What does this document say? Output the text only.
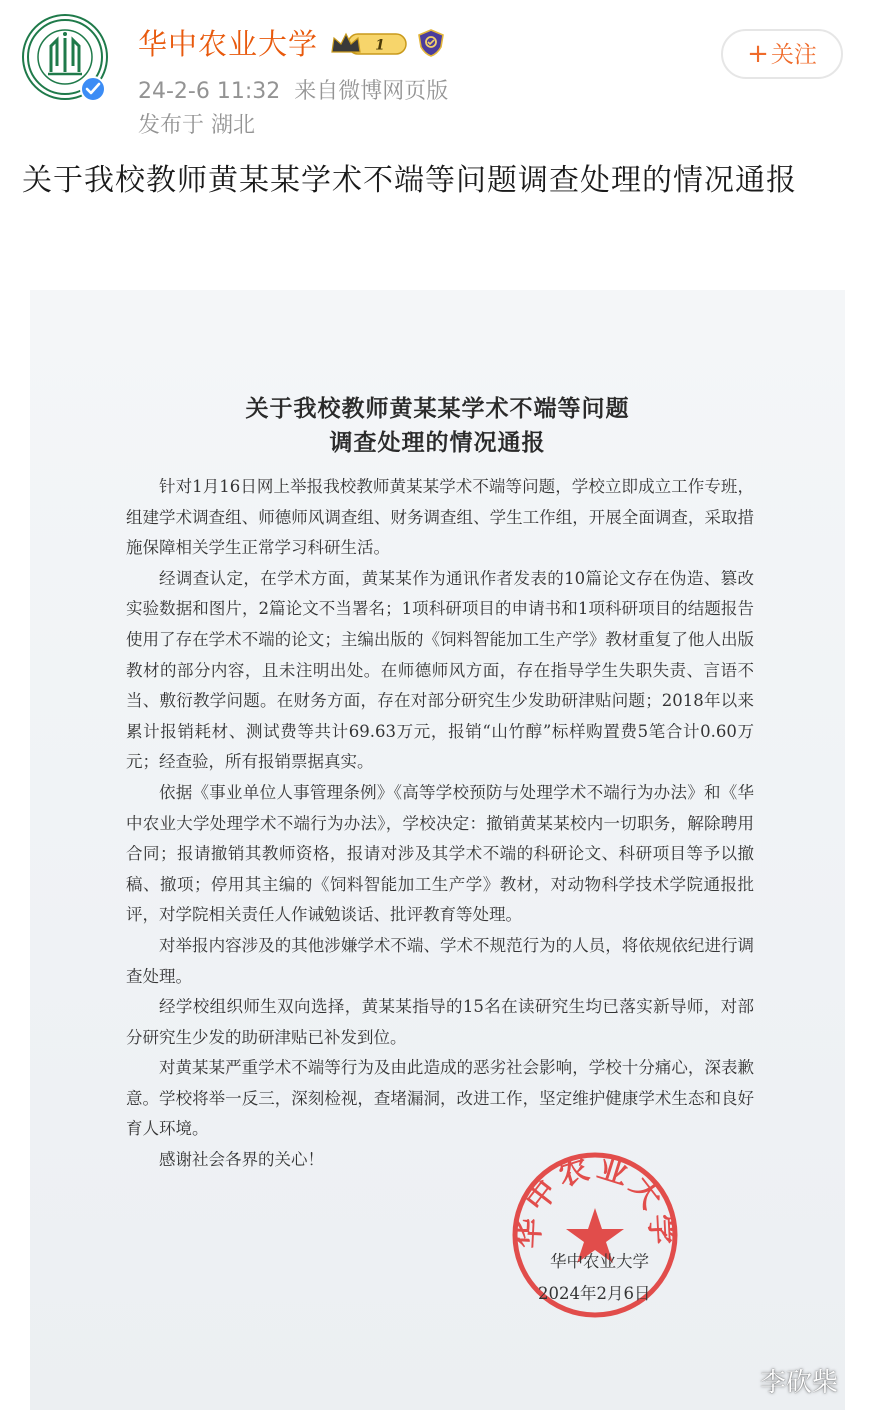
华中农业大学	1
24-2-6 11:32 来自微博网页版
发布于 湖北
+关注
关于我校教师黄某某学术不端等问题调查处理的情况通报
关于我校教师黄某某学术不端等问题
调查处理的情况通报

针对1月16日网上举报我校教师黄某某学术不端等问题，学校立即成立工作专班，组建学术调查组、师德师风调查组、财务调查组、学生工作组，开展全面调查，采取措施保障相关学生正常学习科研生活。

经调查认定，在学术方面，黄某某作为通讯作者发表的10篇论文存在伪造、篡改实验数据和图片，2篇论文不当署名；1项科研项目的申请书和1项科研项目的结题报告使用了存在学术不端的论文；主编出版的《饲料智能加工生产学》教材重复了他人出版教材的部分内容，且未注明出处。在师德师风方面，存在指导学生失职失责、言语不当、敷衍教学问题。在财务方面，存在对部分研究生少发助研津贴问题；2018年以来累计报销耗材、测试费等共计69.63万元，报销“山竹醇”标样购置费5笔合计0.60万元；经查验，所有报销票据真实。

依据《事业单位人事管理条例》《高等学校预防与处理学术不端行为办法》和《华中农业大学处理学术不端行为办法》，学校决定：撤销黄某某校内一切职务，解除聘用合同；报请撤销其教师资格，报请对涉及其学术不端的科研论文、科研项目等予以撤稿、撤项；停用其主编的《饲料智能加工生产学》教材，对动物科学技术学院通报批评，对学院相关责任人作诫勉谈话、批评教育等处理。

对举报内容涉及的其他涉嫌学术不端、学术不规范行为的人员，将依规依纪进行调查处理。

经学校组织师生双向选择，黄某某指导的15名在读研究生均已落实新导师，对部分研究生少发的助研津贴已补发到位。

对黄某某严重学术不端等行为及由此造成的恶劣社会影响，学校十分痛心，深表歉意。学校将举一反三，深刻检视，查堵漏洞，改进工作，坚定维护健康学术生态和良好育人环境。

感谢社会各界的关心！

华中农业大学
华中农业大学
2024年2月6日
李砍柴
